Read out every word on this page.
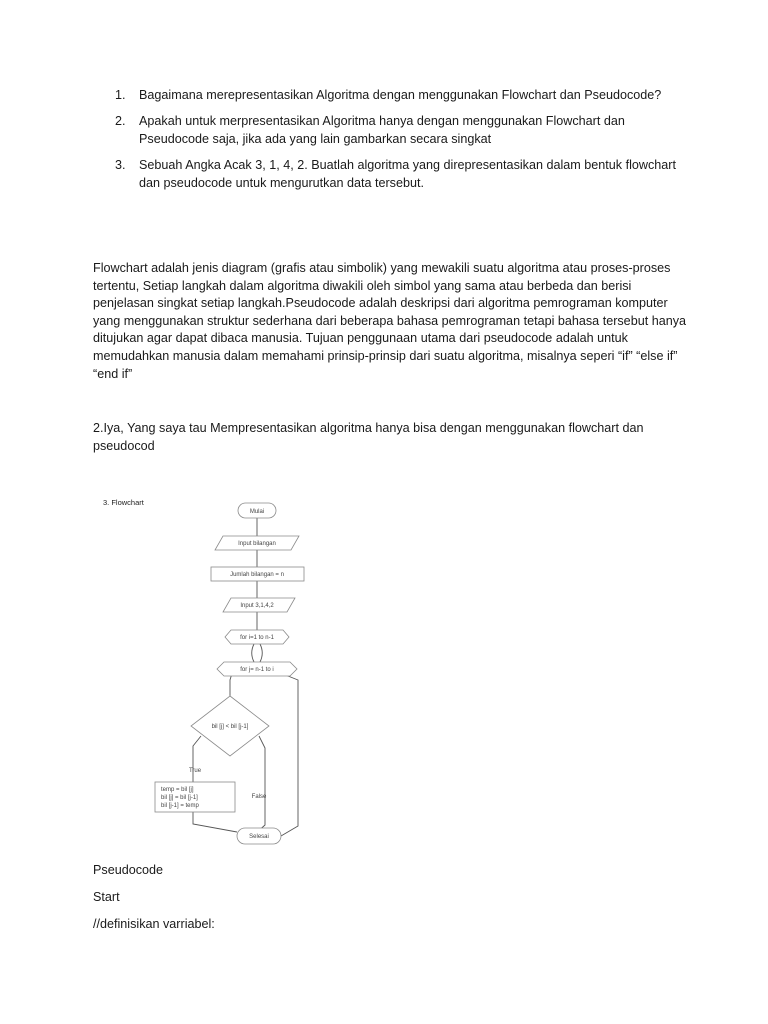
1. Bagaimana merepresentasikan Algoritma dengan menggunakan Flowchart dan Pseudocode?
2. Apakah untuk merpresentasikan Algoritma hanya dengan menggunakan Flowchart dan Pseudocode saja, jika ada yang lain gambarkan secara singkat
3. Sebuah Angka Acak 3, 1, 4, 2. Buatlah algoritma yang direpresentasikan dalam bentuk flowchart dan pseudocode untuk mengurutkan data tersebut.
Flowchart adalah jenis diagram (grafis atau simbolik) yang mewakili suatu algoritma atau proses-proses tertentu, Setiap langkah dalam algoritma diwakili oleh simbol yang sama atau berbeda dan berisi penjelasan singkat setiap langkah.Pseudocode adalah deskripsi dari algoritma pemrograman komputer yang menggunakan struktur sederhana dari beberapa bahasa pemrograman tetapi bahasa tersebut hanya ditujukan agar dapat dibaca manusia. Tujuan penggunaan utama dari pseudocode adalah untuk memudahkan manusia dalam memahami prinsip-prinsip dari suatu algoritma, misalnya seperi “if” “else if” “end if”
2.Iya, Yang saya tau Mempresentasikan algoritma hanya bisa dengan menggunakan flowchart dan pseudocod
3. Flowchart
Mulai
Input bilangan
Jumlah bilangan = n
Input 3,1,4,2
for i=1 to n-1
for j= n-1 to i
bil [j] < bil [j-1]
True
False
temp = bil [j]
bil [j] = bil [j-1]
bil [j-1] = temp
Selesai
Pseudocode
Start
//definisikan varriabel:
